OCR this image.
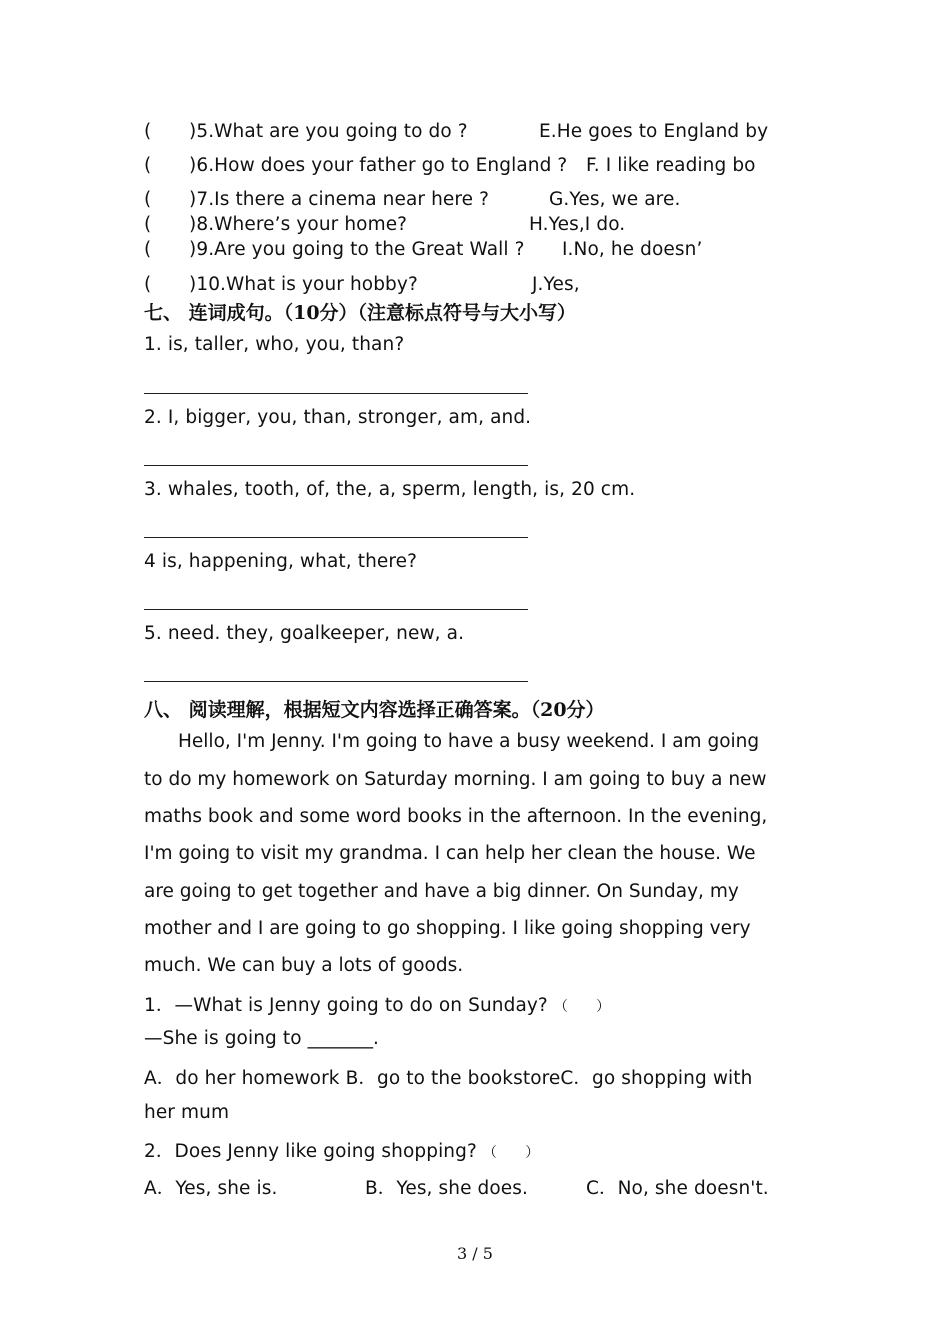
( )5.What are you going to do ?	E.He goes to England by
( )6.How does your father go to England ? F. I like reading bo
( )7.Is there a cinema near here ?	G.Yes, we are.
( )8.Where’s your home?	H.Yes,I do.
( )9.Are you going to the Great Wall ? I.No, he doesn’
( )10.What is your hobby?	J.Yes,
七、 连词成句。（10分）（注意标点符号与大小写）
1. is, taller, who, you, than?
2. I, bigger, you, than, stronger, am, and.
3. whales, tooth, of, the, a, sperm, length, is, 20 cm.
4 is, happening, what, there?
5. need. they, goalkeeper, new, a.
八、 阅读理解，根据短文内容选择正确答案。（20分）
Hello, I'm Jenny. I'm going to have a busy weekend. I am going
to do my homework on Saturday morning. I am going to buy a new
maths book and some word books in the afternoon. In the evening,
I'm going to visit my grandma. I can help her clean the house. We
are going to get together and have a big dinner. On Sunday, my
mother and I are going to go shopping. I like going shopping very
much. We can buy a lots of goods.
1．—What is Jenny going to do on Sunday? （　　）
—She is going to _______.
A．do her homework B．go to the bookstoreC．go shopping with
her mum
2．Does Jenny like going shopping? （　　）
A．Yes, she is.	B．Yes, she does.	C．No, she doesn't.
3 / 5
